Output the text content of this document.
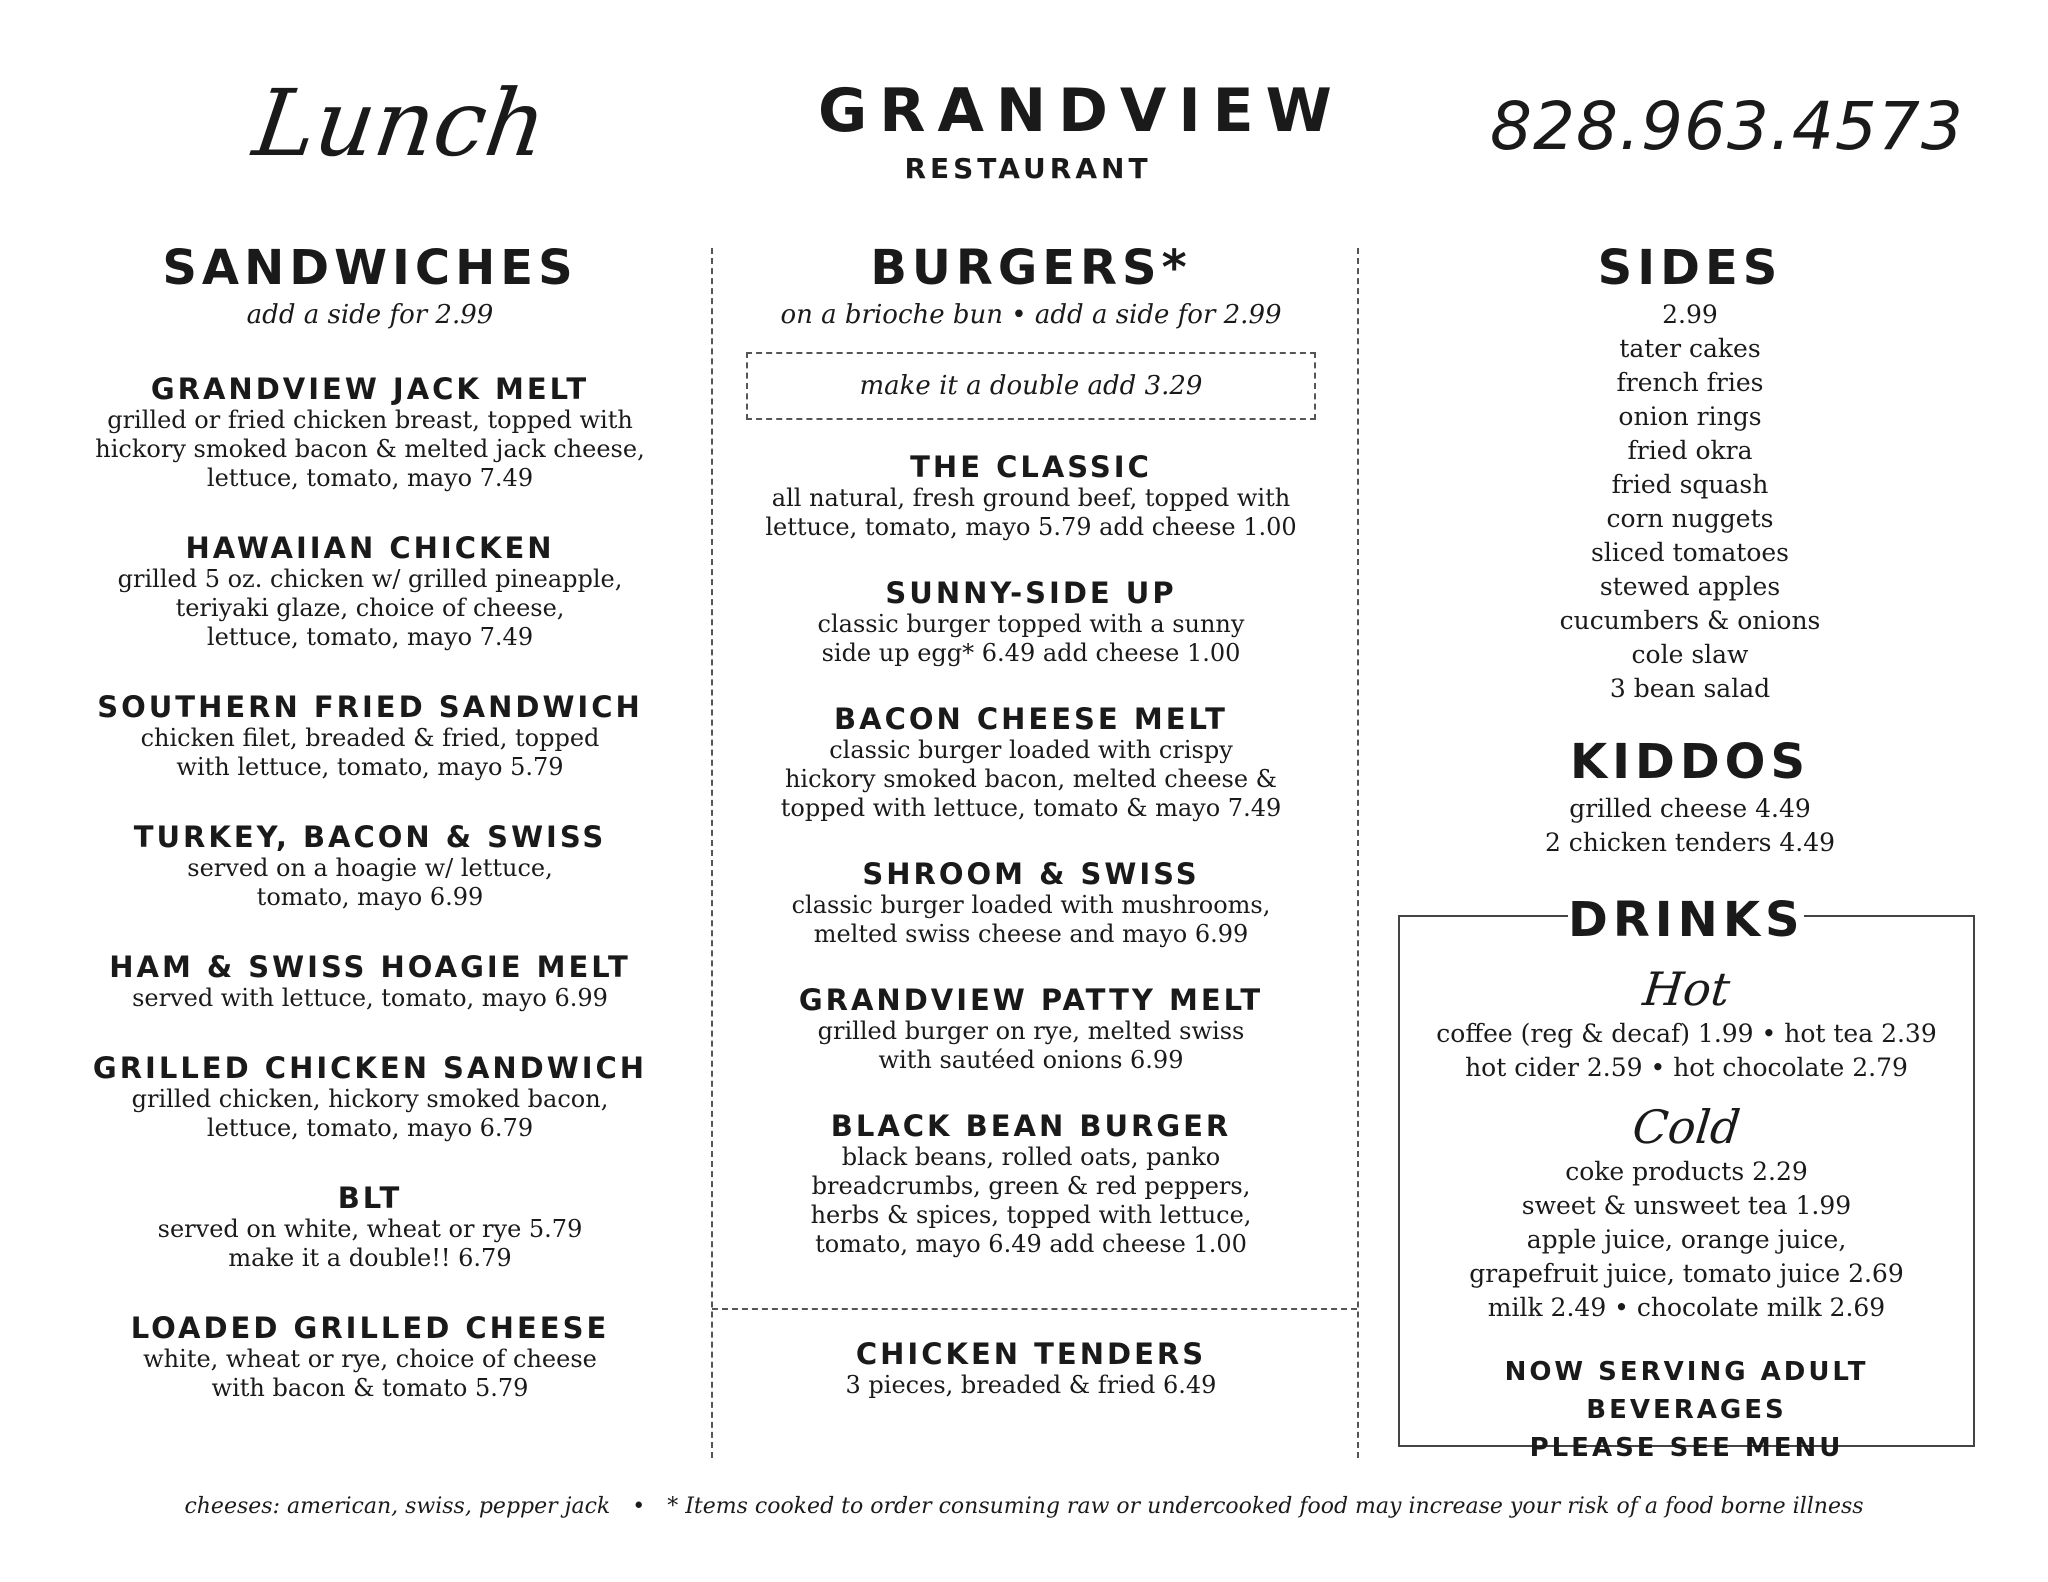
Lunch	GRANDVIEW
RESTAURANT
828.963.4573
SANDWICHES
add a side for 2.99
GRANDVIEW JACK MELT
grilled or fried chicken breast, topped with
hickory smoked bacon & melted jack cheese,
lettuce, tomato, mayo 7.49
HAWAIIAN CHICKEN
grilled 5 oz. chicken w/ grilled pineapple,
teriyaki glaze, choice of cheese,
lettuce, tomato, mayo 7.49
SOUTHERN FRIED SANDWICH
chicken filet, breaded & fried, topped
with lettuce, tomato, mayo 5.79
TURKEY, BACON & SWISS
served on a hoagie w/ lettuce,
tomato, mayo 6.99
HAM & SWISS HOAGIE MELT
served with lettuce, tomato, mayo 6.99
GRILLED CHICKEN SANDWICH
grilled chicken, hickory smoked bacon,
lettuce, tomato, mayo 6.79
BLT
served on white, wheat or rye 5.79
make it a double!! 6.79
LOADED GRILLED CHEESE
white, wheat or rye, choice of cheese
with bacon & tomato 5.79
BURGERS*
on a brioche bun • add a side for 2.99
make it a double add 3.29
THE CLASSIC
all natural, fresh ground beef, topped with
lettuce, tomato, mayo 5.79 add cheese 1.00
SUNNY-SIDE UP
classic burger topped with a sunny
side up egg* 6.49 add cheese 1.00
BACON CHEESE MELT
classic burger loaded with crispy
hickory smoked bacon, melted cheese &
topped with lettuce, tomato & mayo 7.49
SHROOM & SWISS
classic burger loaded with mushrooms,
melted swiss cheese and mayo 6.99
GRANDVIEW PATTY MELT
grilled burger on rye, melted swiss
with sautéed onions 6.99
BLACK BEAN BURGER
black beans, rolled oats, panko
breadcrumbs, green & red peppers,
herbs & spices, topped with lettuce,
tomato, mayo 6.49 add cheese 1.00
CHICKEN TENDERS
3 pieces, breaded & fried 6.49
SIDES
2.99
tater cakes
french fries
onion rings
fried okra
fried squash
corn nuggets
sliced tomatoes
stewed apples
cucumbers & onions
cole slaw
3 bean salad
KIDDOS
grilled cheese 4.49
2 chicken tenders 4.49
Hot
coffee (reg & decaf) 1.99 • hot tea 2.39
hot cider 2.59 • hot chocolate 2.79
Cold
coke products 2.29
sweet & unsweet tea 1.99
apple juice, orange juice,
grapefruit juice, tomato juice 2.69
milk 2.49 • chocolate milk 2.69
NOW SERVING ADULT BEVERAGES
PLEASE SEE MENU
DRINKS
cheeses: american, swiss, pepper jack • * Items cooked to order consuming raw or undercooked food may increase your risk of a food borne illness
